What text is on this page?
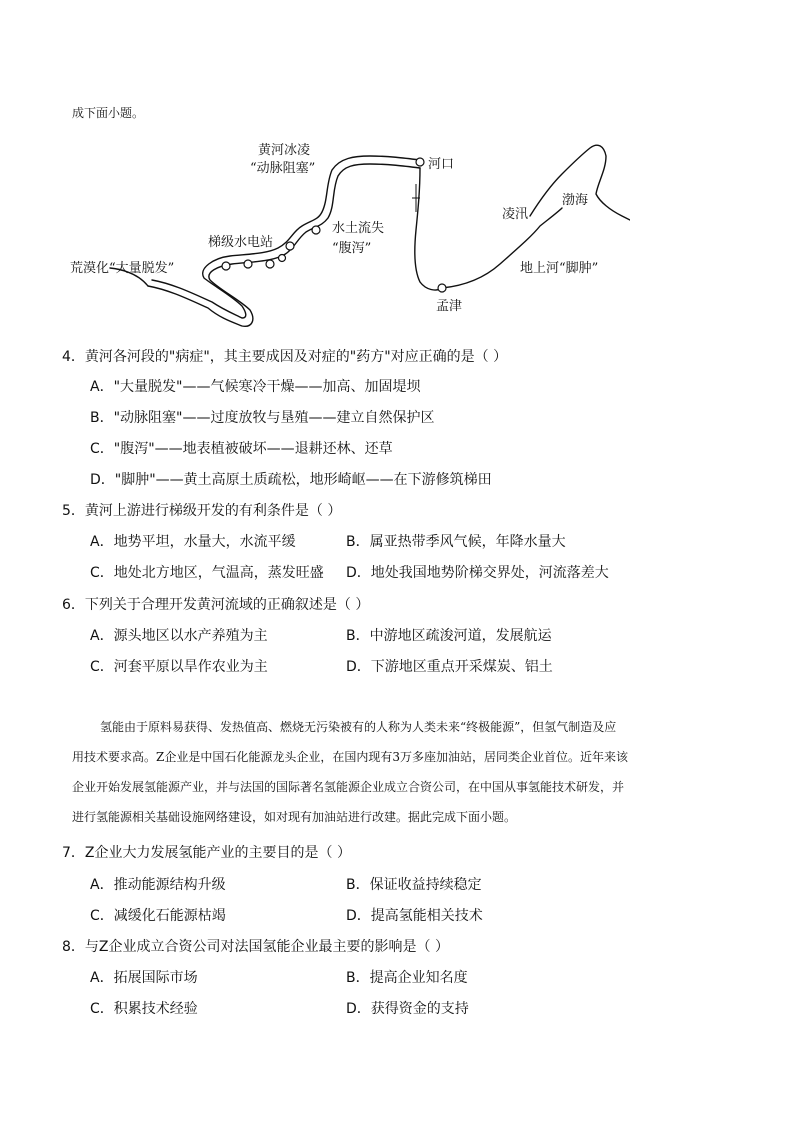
成下面小题。
黄河冰凌
“动脉阻塞”	河口
渤海
凌汛
地上河“脚肿”
孟津
水土流失
“腹泻”
梯级水电站
荒漠化“大量脱发”
4．黄河各河段的"病症"，其主要成因及对症的"药方"对应正确的是（ ）
A．"大量脱发"——气候寒冷干燥——加高、加固堤坝
B．"动脉阻塞"——过度放牧与垦殖——建立自然保护区
C．"腹泻"——地表植被破坏——退耕还林、还草
D．"脚肿"——黄土高原土质疏松，地形崎岖——在下游修筑梯田
5．黄河上游进行梯级开发的有利条件是（ ）
A．地势平坦，水量大，水流平缓	B．属亚热带季风气候，年降水量大
C．地处北方地区，气温高，蒸发旺盛 D．地处我国地势阶梯交界处，河流落差大
6．下列关于合理开发黄河流域的正确叙述是（ ）
A．源头地区以水产养殖为主	B．中游地区疏浚河道，发展航运
C．河套平原以旱作农业为主	D．下游地区重点开采煤炭、铝土

氢能由于原料易获得、发热值高、燃烧无污染被有的人称为人类未来“终极能源”，但氢气制造及应

用技术要求高。Z企业是中国石化能源龙头企业，在国内现有3万多座加油站，居同类企业首位。近年来该

企业开始发展氢能源产业，并与法国的国际著名氢能源企业成立合资公司，在中国从事氢能技术研发，并

进行氢能源相关基础设施网络建设，如对现有加油站进行改建。据此完成下面小题。

7．Z企业大力发展氢能产业的主要目的是（ ）
A．推动能源结构升级	B．保证收益持续稳定
C．减缓化石能源枯竭	D．提高氢能相关技术
8．与Z企业成立合资公司对法国氢能企业最主要的影响是（ ）
A．拓展国际市场	B．提高企业知名度
C．积累技术经验	D．获得资金的支持
